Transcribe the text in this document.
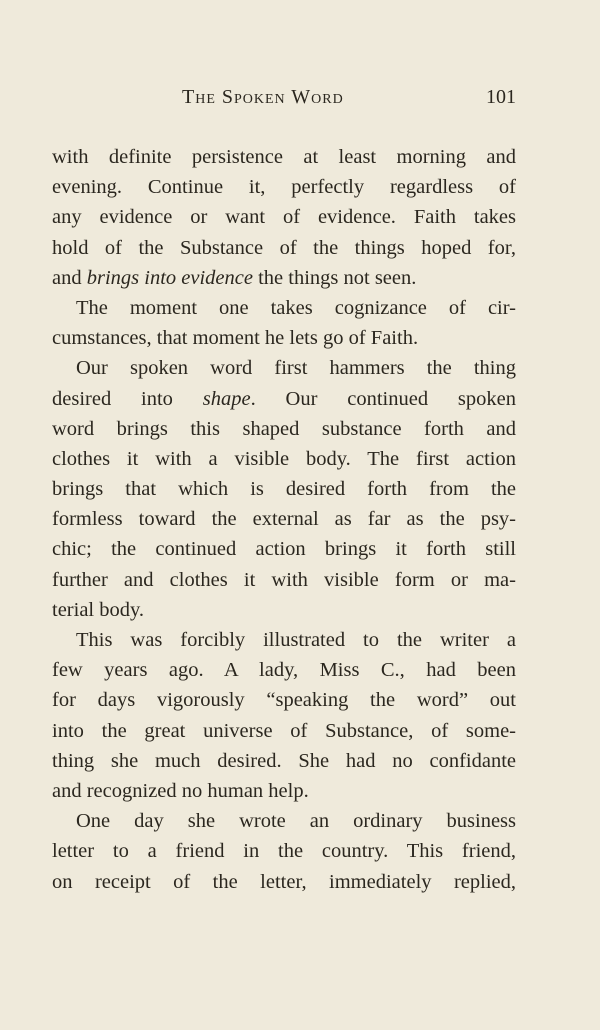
The Spoken Word	101
with definite persistence at least morning and
evening. Continue it, perfectly regardless of
any evidence or want of evidence. Faith takes
hold of the Substance of the things hoped for,
and brings into evidence the things not seen.
The moment one takes cognizance of cir-
cumstances, that moment he lets go of Faith.
Our spoken word first hammers the thing
desired into shape. Our continued spoken
word brings this shaped substance forth and
clothes it with a visible body. The first action
brings that which is desired forth from the
formless toward the external as far as the psy-
chic; the continued action brings it forth still
further and clothes it with visible form or ma-
terial body.
This was forcibly illustrated to the writer a
few years ago. A lady, Miss C., had been
for days vigorously “speaking the word” out
into the great universe of Substance, of some-
thing she much desired. She had no confidante
and recognized no human help.
One day she wrote an ordinary business
letter to a friend in the country. This friend,
on receipt of the letter, immediately replied,
